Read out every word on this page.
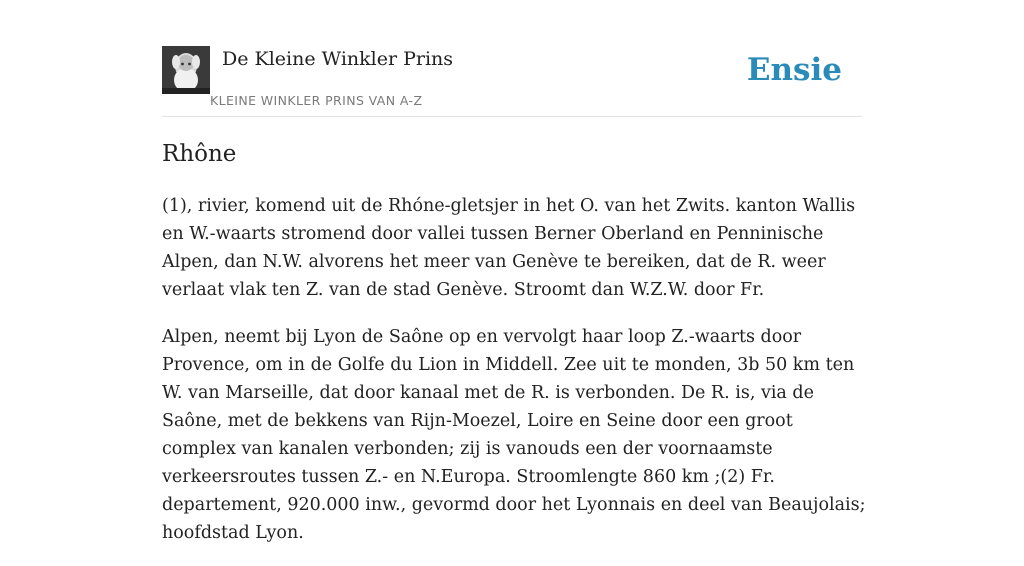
De Kleine Winkler Prins
KLEINE WINKLER PRINS VAN A-Z
Ensie
Rhône

(1), rivier, komend uit de Rhóne-gletsjer in het O. van het Zwits. kanton Wallis en W.-waarts stromend door vallei tussen Berner Oberland en Penninische Alpen, dan N.W. alvorens het meer van Genève te bereiken, dat de R. weer verlaat vlak ten Z. van de stad Genève. Stroomt dan W.Z.W. door Fr.

Alpen, neemt bij Lyon de Saône op en vervolgt haar loop Z.-waarts door Provence, om in de Golfe du Lion in Middell. Zee uit te monden, 3b 50 km ten W. van Marseille, dat door kanaal met de R. is verbonden. De R. is, via de Saône, met de bekkens van Rijn-Moezel, Loire en Seine door een groot complex van kanalen verbonden; zij is vanouds een der voornaamste verkeersroutes tussen Z.- en N.Europa. Stroomlengte 860 km ;(2) Fr. departement, 920.000 inw., gevormd door het Lyonnais en deel van Beaujolais; hoofdstad Lyon.
